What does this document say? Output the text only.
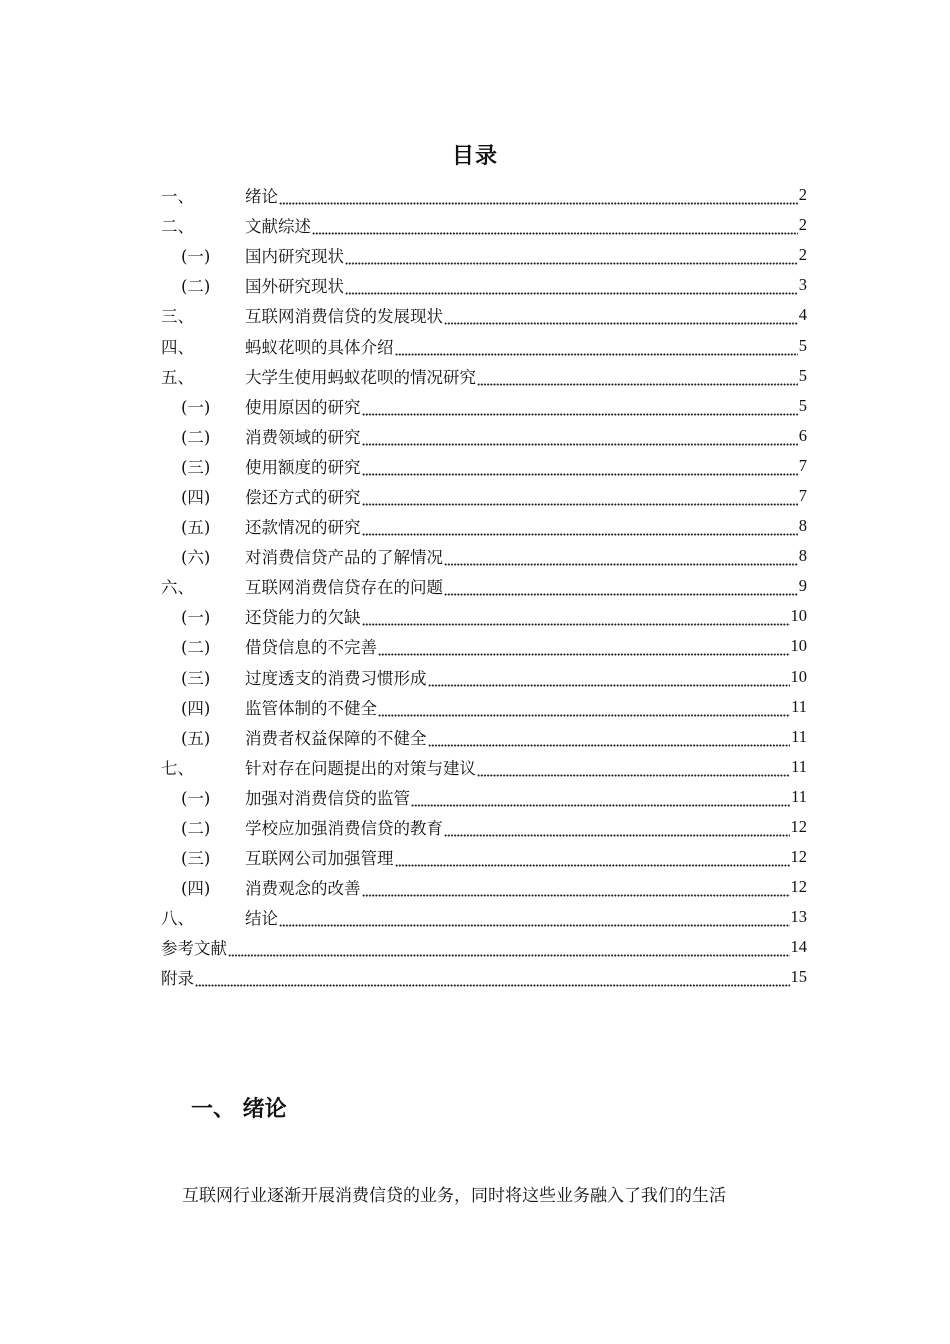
目录
一、	绪论	2
二、	文献综述	2
(一)	国内研究现状	2
(二)	国外研究现状	3
三、	互联网消费信贷的发展现状	4
四、	蚂蚁花呗的具体介绍	5
五、	大学生使用蚂蚁花呗的情况研究	5
(一)	使用原因的研究	5
(二)	消费领域的研究	6
(三)	使用额度的研究	7
(四)	偿还方式的研究	7
(五)	还款情况的研究	8
(六)	对消费信贷产品的了解情况	8
六、	互联网消费信贷存在的问题	9
(一)	还贷能力的欠缺	10
(二)	借贷信息的不完善	10
(三)	过度透支的消费习惯形成	10
(四)	监管体制的不健全	11
(五)	消费者权益保障的不健全	11
七、	针对存在问题提出的对策与建议	11
(一)	加强对消费信贷的监管	11
(二)	学校应加强消费信贷的教育	12
(三)	互联网公司加强管理	12
(四)	消费观念的改善	12
八、	结论	13
参考文献	14
附录	15
一、 绪论
互联网行业逐渐开展消费信贷的业务，同时将这些业务融入了我们的生活
